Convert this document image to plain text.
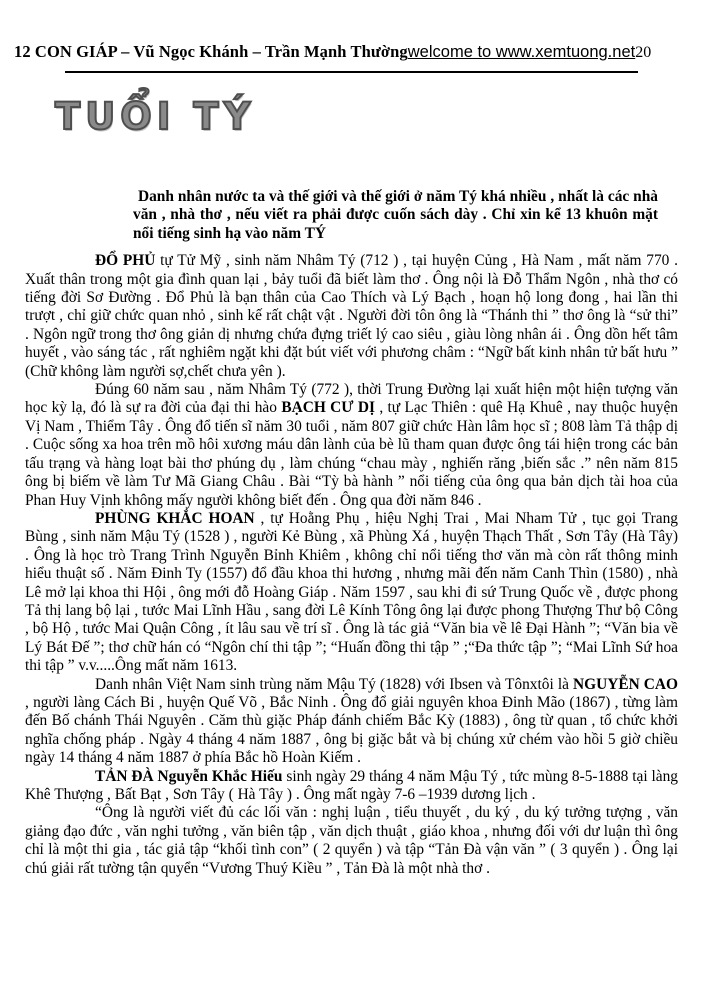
12 CON GIÁP – Vũ Ngọc Khánh – Trần Mạnh Thường welcome to www.xemtuong.net20
TUỔI TÝ
Danh nhân nước ta và thế giới và thế giới ở năm Tý khá nhiều , nhất là các nhà văn , nhà thơ , nếu viết ra phải được cuốn sách dày . Chỉ xin kể 13 khuôn mặt nổi tiếng sinh hạ vào năm TÝ

ĐỔ PHỦ tự Tử Mỹ , sinh năm Nhâm Tý (712 ) , tại huyện Củng , Hà Nam , mất năm 770 . Xuất thân trong một gia đình quan lại , bảy tuổi đã biết làm thơ . Ông nội là Đỗ Thẩm Ngôn , nhà thơ có tiếng đời Sơ Đường . Đổ Phủ là bạn thân của Cao Thích và Lý Bạch , hoạn hộ long đong , hai lần thi trượt , chỉ giữ chức quan nhỏ , sinh kế rất chật vật . Người đời tôn ông là “Thánh thi ” thơ ông là “sử thi” . Ngôn ngữ trong thơ ông giản dị nhưng chứa đựng triết lý cao siêu , giàu lòng nhân ái . Ông dồn hết tâm huyết , vào sáng tác , rất nghiêm ngặt khi đặt bút viết với phương châm : “Ngữ bất kinh nhân tử bất hưu ” (Chữ không làm người sợ,chết chưa yên ).

Đúng 60 năm sau , năm Nhâm Tý (772 ), thời Trung Đường lại xuất hiện một hiện tượng văn học kỳ lạ, đó là sự ra đời của đại thi hào BẠCH CƯ DỊ , tự Lạc Thiên : quê Hạ Khuê , nay thuộc huyện Vị Nam , Thiểm Tây . Ông đổ tiến sĩ năm 30 tuổi , năm 807 giữ chức Hàn lâm học sĩ ; 808 làm Tả thập dị . Cuộc sống xa hoa trên mồ hôi xương máu dân lành của bè lũ tham quan được ông tái hiện trong các bản tấu trạng và hàng loạt bài thơ phúng dụ , làm chúng “chau mày , nghiến răng ,biến sắc .” nên năm 815 ông bị biếm về làm Tư Mã Giang Châu . Bài “Tỳ bà hành ” nổi tiếng của ông qua bản dịch tài hoa của Phan Huy Vịnh không mấy người không biết đến . Ông qua đời năm 846 .

PHÙNG KHẮC HOAN , tự Hoằng Phụ , hiệu Nghị Trai , Mai Nham Tử , tục gọi Trang Bùng , sinh năm Mậu Tý (1528 ) , người Kẻ Bùng , xã Phùng Xá , huyện Thạch Thất , Sơn Tây (Hà Tây) . Ông là học trò Trang Trình Nguyễn Bỉnh Khiêm , không chỉ nổi tiếng thơ văn mà còn rất thông minh hiểu thuật số . Năm Đinh Ty (1557) đổ đầu khoa thi hương , nhưng mãi đến năm Canh Thìn (1580) , nhà Lê mở lại khoa thi Hội , ông mới đỗ Hoàng Giáp . Năm 1597 , sau khi đi sứ Trung Quốc về , được phong Tả thị lang bộ lại , tước Mai Lĩnh Hầu , sang đời Lê Kính Tông ông lại được phong Thượng Thư bộ Công , bộ Hộ , tước Mai Quận Công , ít lâu sau về trí sĩ . Ông là tác giả “Văn bia về lê Đại Hành ”; “Văn bia về Lý Bát Đế ”; thơ chữ hán có “Ngôn chí thi tập ”; “Huấn đồng thi tập ” ;“Đa thức tập ”; “Mai Lĩnh Sứ hoa thi tập ” v.v.....Ông mất năm 1613.

Danh nhân Việt Nam sinh trùng năm Mậu Tý (1828) với Ibsen và Tônxtôi là NGUYỄN CAO , người làng Cách Bi , huyện Quế Võ , Bắc Ninh . Ông đổ giải nguyên khoa Đinh Mão (1867) , từng làm đến Bố chánh Thái Nguyên . Căm thù giặc Pháp đánh chiếm Bắc Kỳ (1883) , ông từ quan , tổ chức khởi nghĩa chống pháp . Ngày 4 tháng 4 năm 1887 , ông bị giặc bắt và bị chúng xử chém vào hồi 5 giờ chiều ngày 14 tháng 4 năm 1887 ở phía Bắc hồ Hoàn Kiếm .

TẢN ĐÀ Nguyễn Khắc Hiếu sinh ngày 29 tháng 4 năm Mậu Tý , tức mùng 8-5-1888 tại làng Khê Thượng , Bất Bạt , Sơn Tây ( Hà Tây ) . Ông mất ngày 7-6 –1939 dương lịch .

“Ông là người viết đủ các lối văn : nghị luận , tiểu thuyết , du ký , du ký tưởng tượng , văn giảng đạo đức , văn nghi tưởng , văn biên tập , văn dịch thuật , giáo khoa , nhưng đối với dư luận thì ông chỉ là một thi gia , tác giả tập “khối tình con” ( 2 quyển ) và tập “Tản Đà vận văn ” ( 3 quyển ) . Ông lại chú giải rất tường tận quyển “Vương Thuý Kiều ” , Tản Đà là một nhà thơ .
